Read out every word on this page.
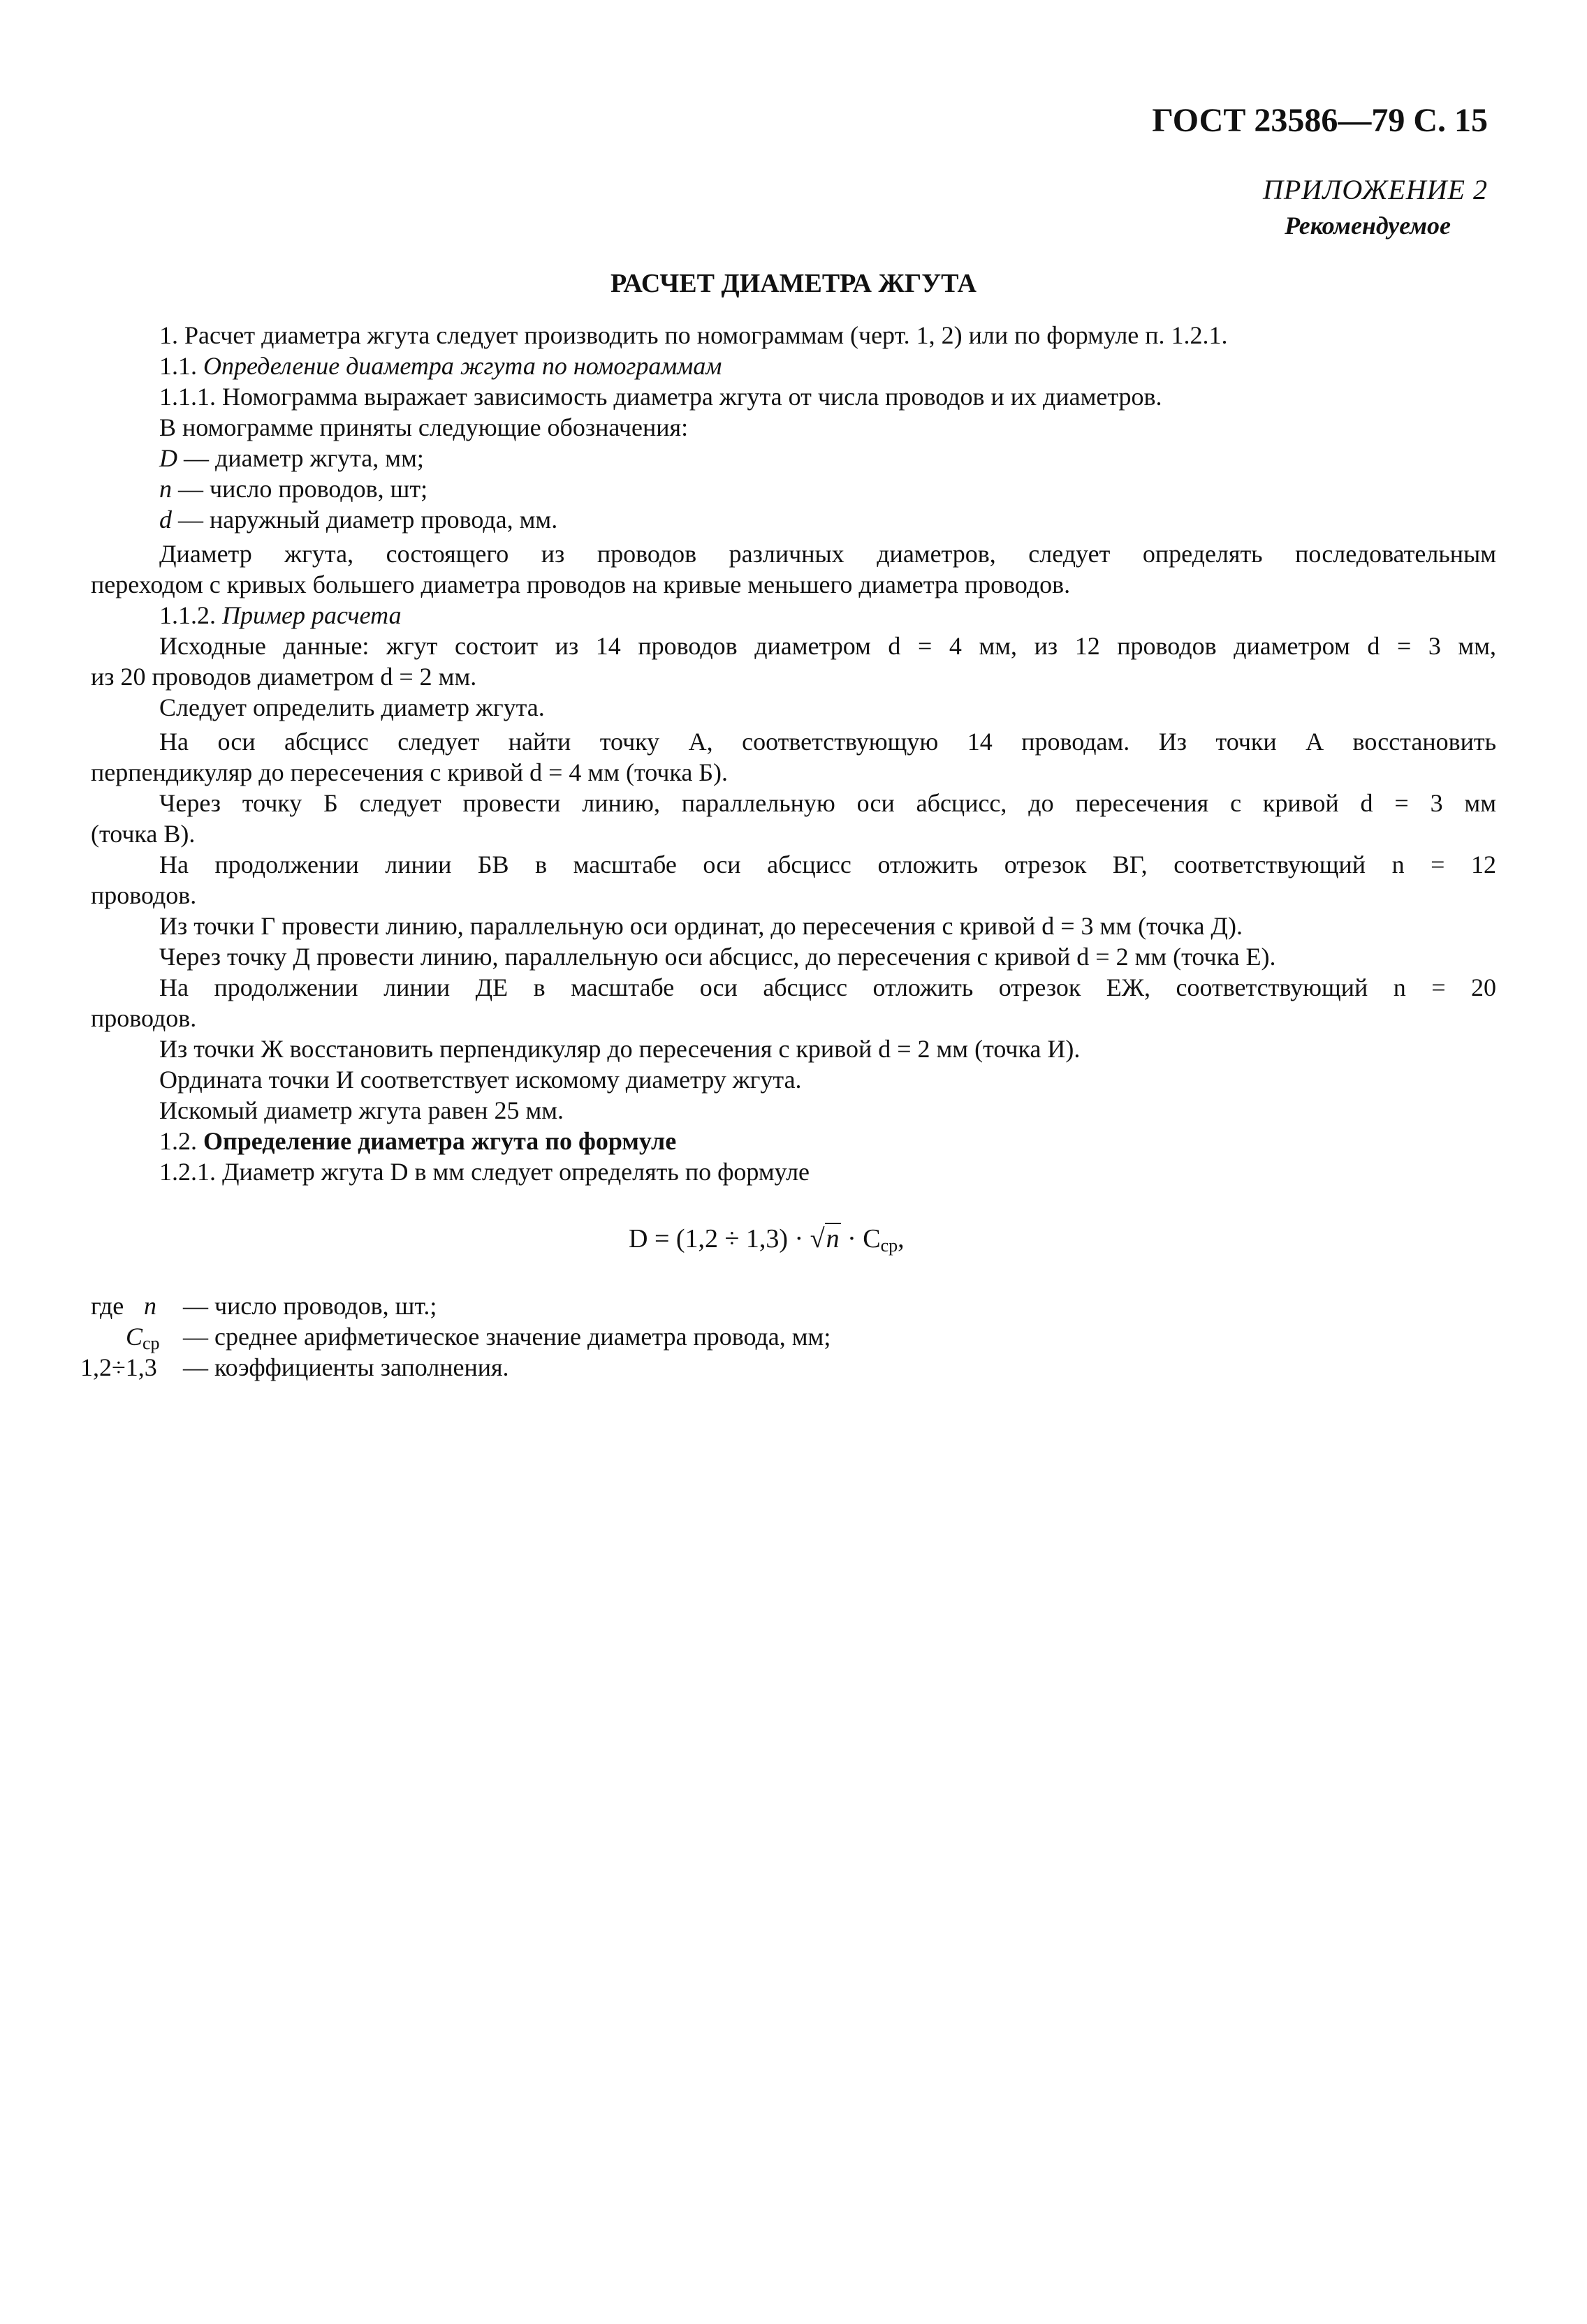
ГОСТ 23586—79 С. 15
ПРИЛОЖЕНИЕ 2
Рекомендуемое
РАСЧЕТ ДИАМЕТРА ЖГУТА
1. Расчет диаметра жгута следует производить по номограммам (черт. 1, 2) или по формуле п. 1.2.1.
1.1. Определение диаметра жгута по номограммам
1.1.1. Номограмма выражает зависимость диаметра жгута от числа проводов и их диаметров.
В номограмме приняты следующие обозначения:
D — диаметр жгута, мм;
n — число проводов, шт;
d — наружный диаметр провода, мм.
Диаметр жгута, состоящего из проводов различных диаметров, следует определять последовательным
переходом с кривых большего диаметра проводов на кривые меньшего диаметра проводов.
1.1.2. Пример расчета
Исходные данные: жгут состоит из 14 проводов диаметром d = 4 мм, из 12 проводов диаметром d = 3 мм,
из 20 проводов диаметром d = 2 мм.
Следует определить диаметр жгута.
На оси абсцисс следует найти точку А, соответствующую 14 проводам. Из точки А восстановить
перпендикуляр до пересечения с кривой d = 4 мм (точка Б).
Через точку Б следует провести линию, параллельную оси абсцисс, до пересечения с кривой d = 3 мм
(точка В).
На продолжении линии БВ в масштабе оси абсцисс отложить отрезок ВГ, соответствующий n = 12
проводов.
Из точки Г провести линию, параллельную оси ординат, до пересечения с кривой d = 3 мм (точка Д).
Через точку Д провести линию, параллельную оси абсцисс, до пересечения с кривой d = 2 мм (точка Е).
На продолжении линии ДЕ в масштабе оси абсцисс отложить отрезок ЕЖ, соответствующий n = 20
проводов.
Из точки Ж восстановить перпендикуляр до пересечения с кривой d = 2 мм (точка И).
Ордината точки И соответствует искомому диаметру жгута.
Искомый диаметр жгута равен 25 мм.
1.2. Определение диаметра жгута по формуле
1.2.1. Диаметр жгута D в мм следует определять по формуле
$D = (1,2 \div 1,3) \cdot √n \cdot C_{ср}$,
где n — число проводов, шт.;
$C_{ср}$ — среднее арифметическое значение диаметра провода, мм;
1,2÷1,3 — коэффициенты заполнения.
